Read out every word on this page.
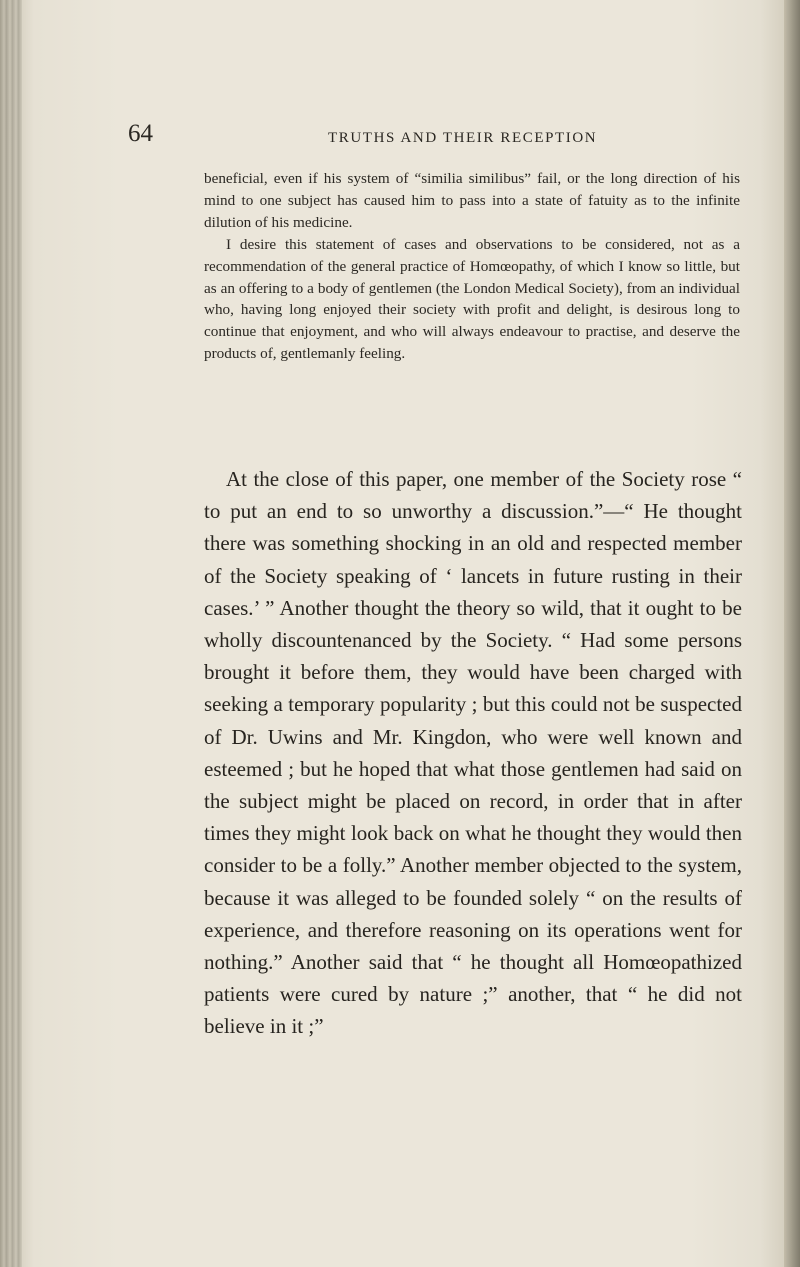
64	TRUTHS AND THEIR RECEPTION

beneficial, even if his system of “similia similibus” fail, or the long direction of his mind to one subject has caused him to pass into a state of fatuity as to the infinite dilution of his medicine.

I desire this statement of cases and observations to be considered, not as a recommendation of the general practice of Homœopathy, of which I know so little, but as an offering to a body of gentlemen (the London Medical Society), from an individual who, having long enjoyed their society with profit and delight, is desirous long to continue that enjoyment, and who will always endeavour to practise, and deserve the products of, gentlemanly feeling.

At the close of this paper, one member of the Society rose “ to put an end to so unworthy a discussion.”—“ He thought there was something shocking in an old and respected member of the Society speaking of ‘ lancets in future rusting in their cases.’ ” Another thought the theory so wild, that it ought to be wholly discountenanced by the Society. “ Had some persons brought it before them, they would have been charged with seeking a temporary popularity ; but this could not be suspected of Dr. Uwins and Mr. Kingdon, who were well known and esteemed ; but he hoped that what those gentlemen had said on the subject might be placed on record, in order that in after times they might look back on what he thought they would then consider to be a folly.” Another member objected to the system, because it was alleged to be founded solely “ on the results of experience, and therefore reasoning on its operations went for nothing.” Another said that “ he thought all Homœopathized patients were cured by nature ;” another, that “ he did not believe in it ;”
